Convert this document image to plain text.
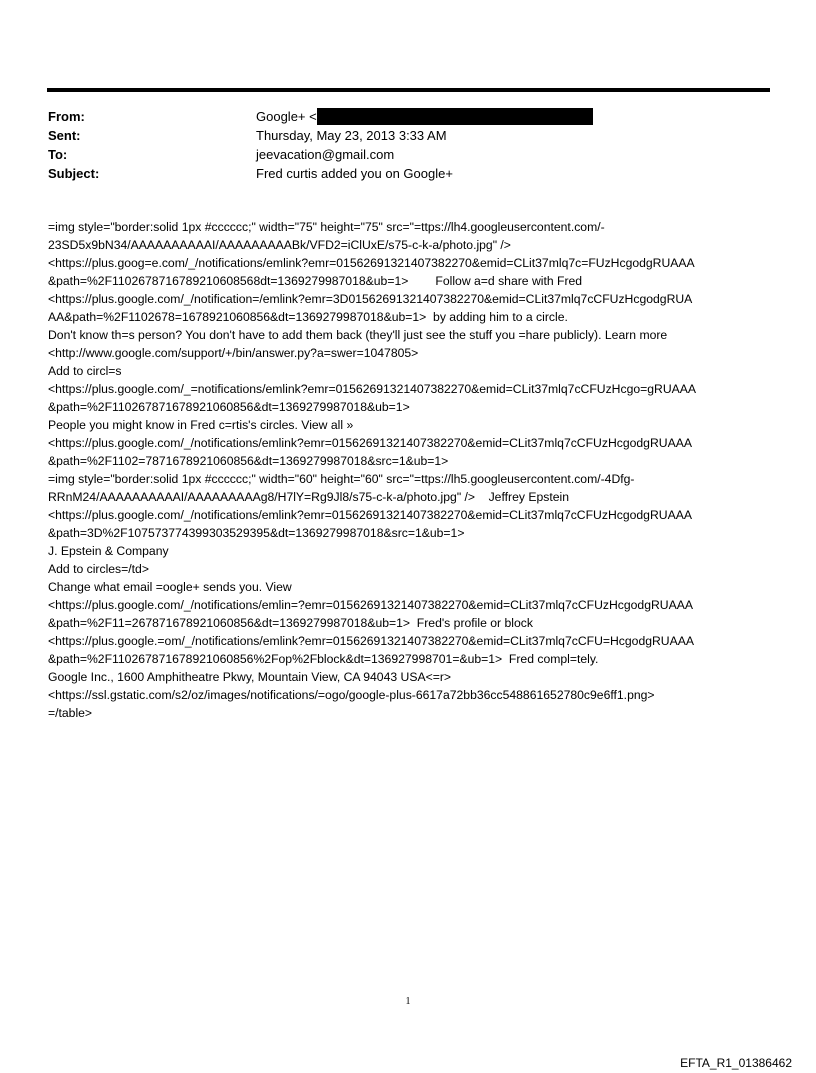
From:	Google+ <
Sent:	Thursday, May 23, 2013 3:33 AM
To:	jeevacation@gmail.com
Subject:	Fred curtis added you on Google+
=img style="border:solid 1px #cccccc;" width="75" height="75" src="=ttps://lh4.googleusercontent.com/-
23SD5x9bN34/AAAAAAAAAAI/AAAAAAAAABk/VFD2=iClUxE/s75-c-k-a/photo.jpg" />
<https://plus.goog=e.com/_/notifications/emlink?emr=01562691321407382270&emid=CLit37mlq7c=FUzHcgodgRUAAA
&path=%2F1102678716789210608568dt=1369279987018&ub=1>        Follow a=d share with Fred
<https://plus.google.com/_/notification=/emlink?emr=3D01562691321407382270&emid=CLit37mlq7cCFUzHcgodgRUA
AA&path=%2F1102678=1678921060856&dt=1369279987018&ub=1>  by adding him to a circle.
Don't know th=s person? You don't have to add them back (they'll just see the stuff you =hare publicly). Learn more
<http://www.google.com/support/+/bin/answer.py?a=swer=1047805>
Add to circl=s
<https://plus.google.com/_=notifications/emlink?emr=01562691321407382270&emid=CLit37mlq7cCFUzHcgo=gRUAAA
&path=%2F110267871678921060856&dt=1369279987018&ub=1>
People you might know in Fred c=rtis's circles. View all »
<https://plus.google.com/_/notifications/emlink?emr=01562691321407382270&emid=CLit37mlq7cCFUzHcgodgRUAAA
&path=%2F1102=7871678921060856&dt=1369279987018&src=1&ub=1>
=img style="border:solid 1px #cccccc;" width="60" height="60" src="=ttps://lh5.googleusercontent.com/-4Dfg-
RRnM24/AAAAAAAAAAI/AAAAAAAAAg8/H7lY=Rg9Jl8/s75-c-k-a/photo.jpg" />    Jeffrey Epstein
<https://plus.google.com/_/notifications/emlink?emr=01562691321407382270&emid=CLit37mlq7cCFUzHcgodgRUAAA
&path=3D%2F107573774399303529395&dt=1369279987018&src=1&ub=1>
J. Epstein & Company
Add to circles=/td>
Change what email =oogle+ sends you. View
<https://plus.google.com/_/notifications/emlin=?emr=01562691321407382270&emid=CLit37mlq7cCFUzHcgodgRUAAA
&path=%2F11=267871678921060856&dt=1369279987018&ub=1>  Fred's profile or block
<https://plus.google.=om/_/notifications/emlink?emr=01562691321407382270&emid=CLit37mlq7cCFU=HcgodgRUAAA
&path=%2F110267871678921060856%2Fop%2Fblock&dt=136927998701=&ub=1>  Fred compl=tely.
Google Inc., 1600 Amphitheatre Pkwy, Mountain View, CA 94043 USA<=r>
<https://ssl.gstatic.com/s2/oz/images/notifications/=ogo/google-plus-6617a72bb36cc548861652780c9e6ff1.png>
=/table>
1
EFTA_R1_01386462
